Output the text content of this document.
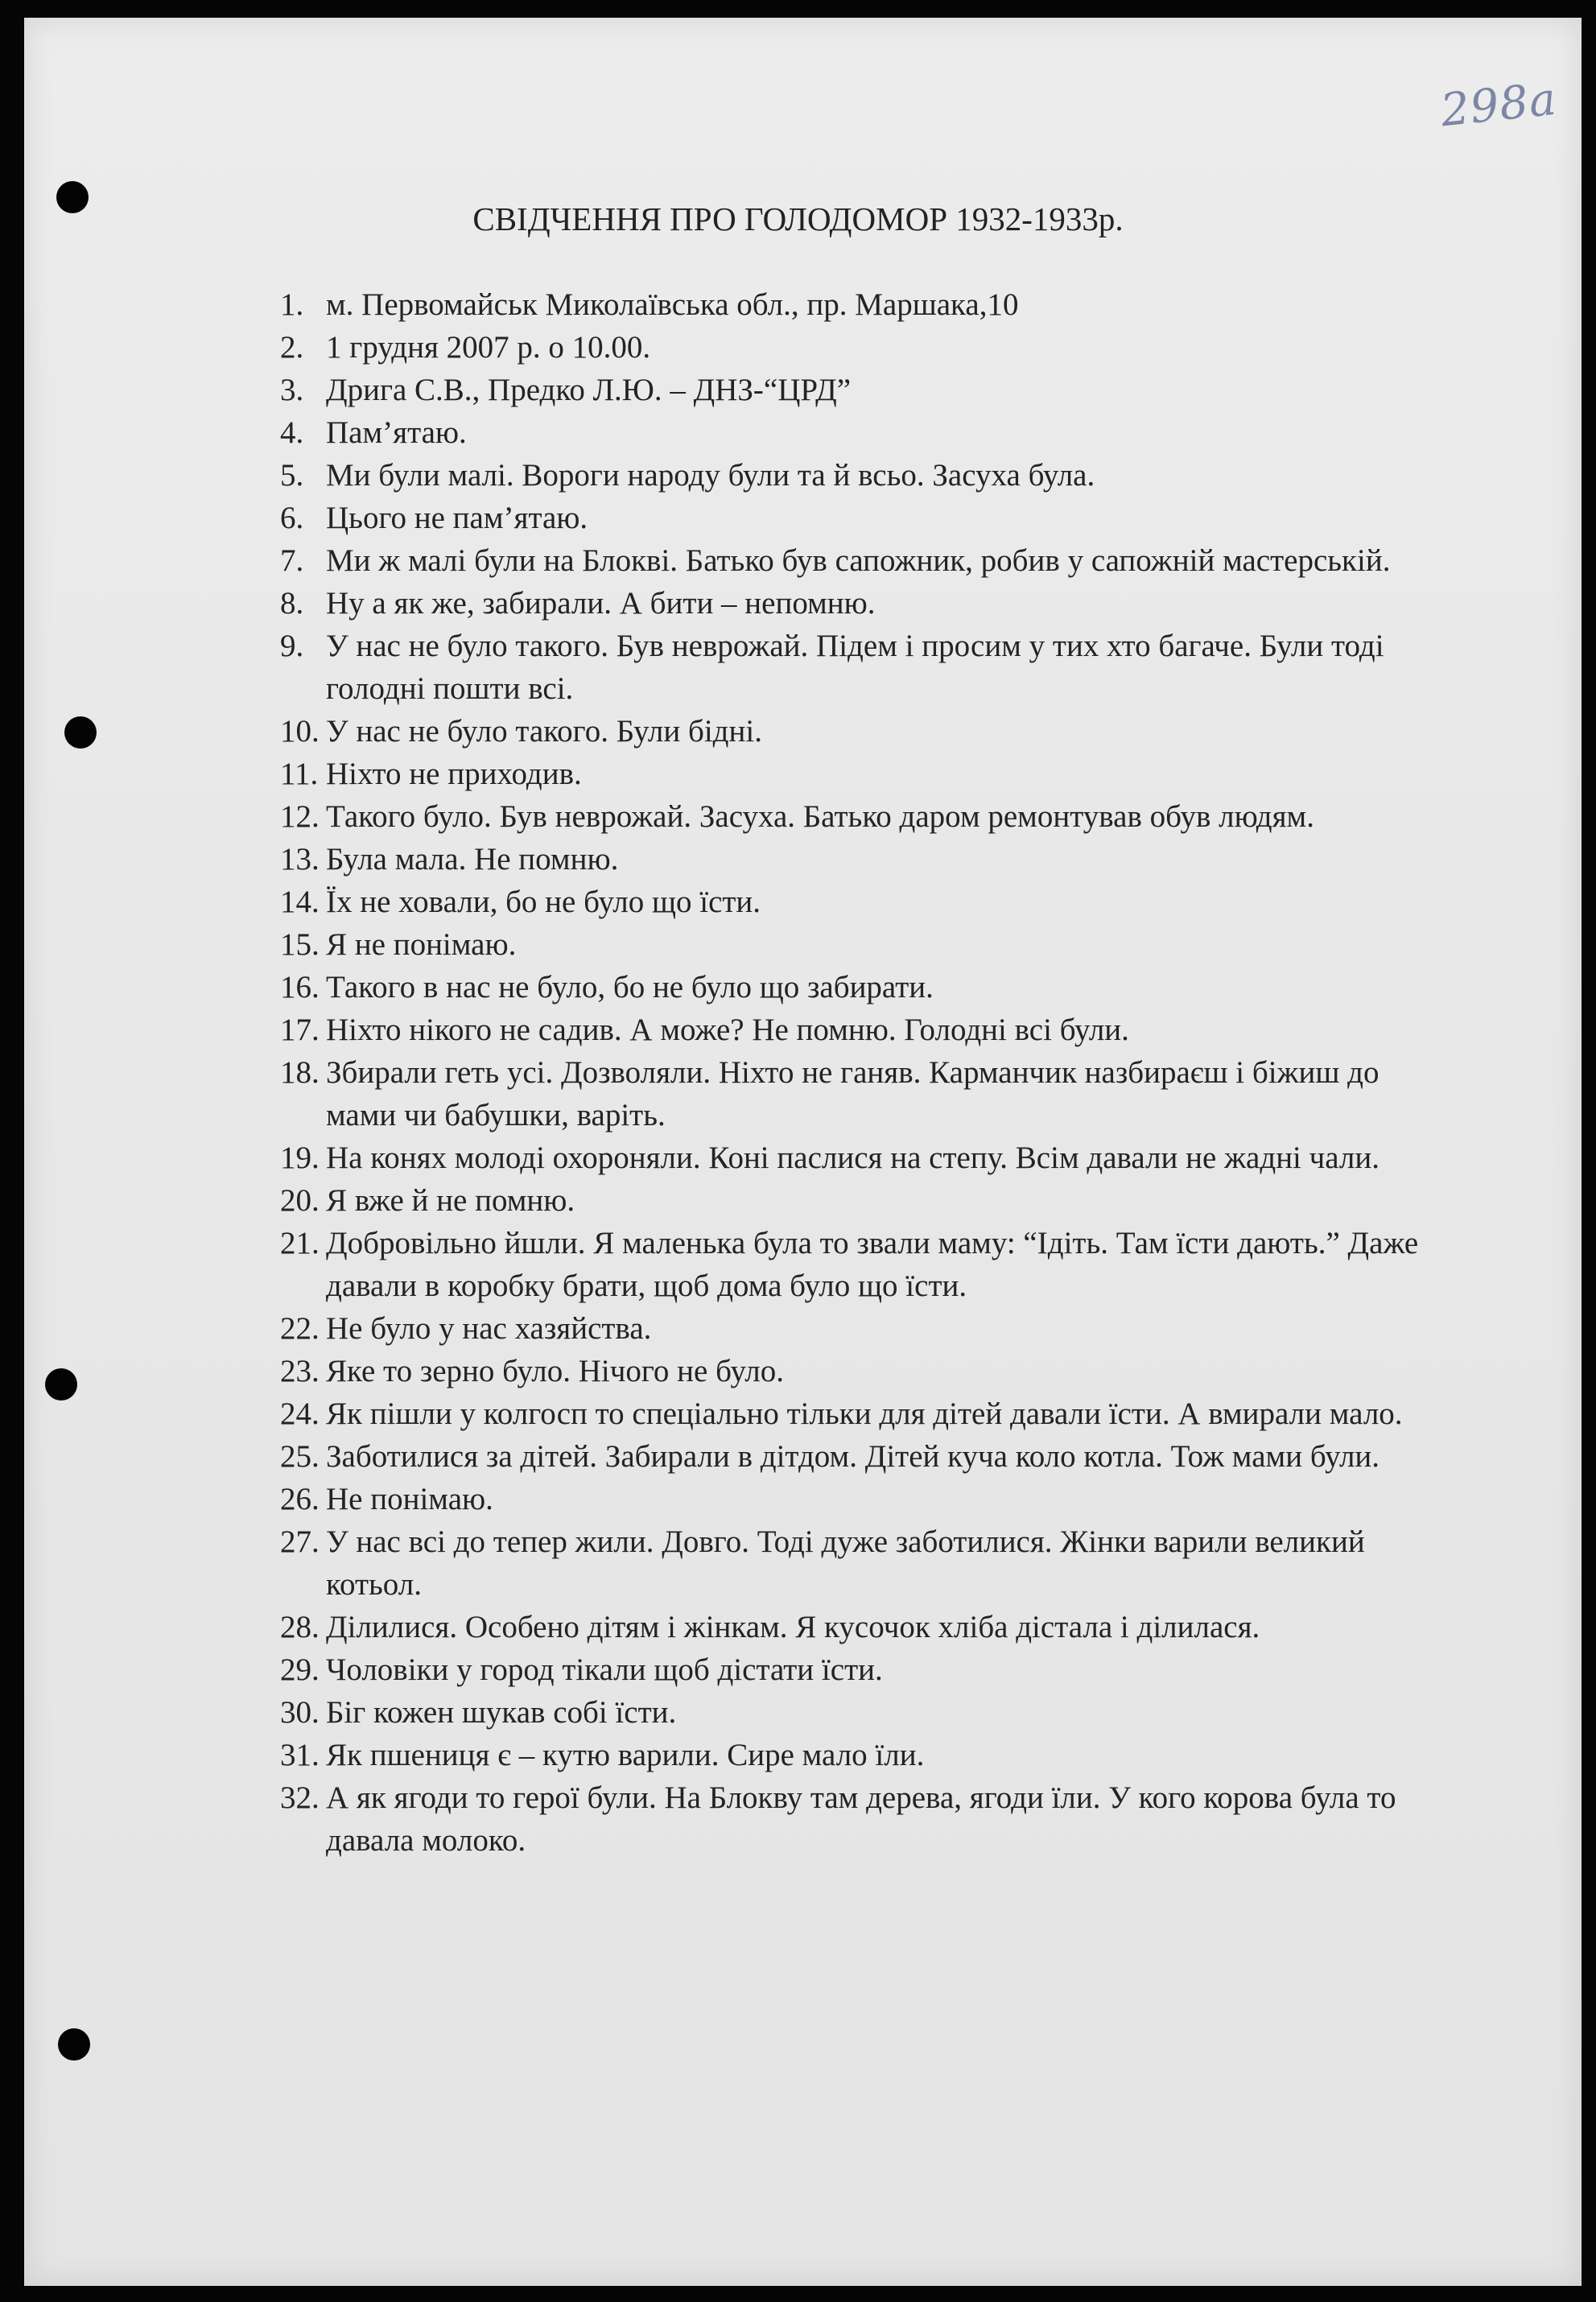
298а
СВІДЧЕННЯ ПРО ГОЛОДОМОР 1932-1933р.
1. м. Первомайськ Миколаївська обл., пр. Маршака,10
2. 1 грудня 2007 р. о 10.00.
3. Дрига С.В., Предко Л.Ю. – ДНЗ-“ЦРД”
4. Пам’ятаю.
5. Ми були малі. Вороги народу були та й всьо. Засуха була.
6. Цього не пам’ятаю.
7. Ми ж малі були на Блокві. Батько був сапожник, робив у сапожній мастерській.
8. Ну а як же, забирали. А бити – непомню.
9. У нас не було такого. Був неврожай. Підем і просим у тих хто багаче. Були тоді голодні пошти всі.
10. У нас не було такого. Були бідні.
11. Ніхто не приходив.
12. Такого було. Був неврожай. Засуха. Батько даром ремонтував обув людям.
13. Була мала. Не помню.
14. Їх не ховали, бо не було що їсти.
15. Я не понімаю.
16. Такого в нас не було, бо не було що забирати.
17. Ніхто нікого не садив. А може? Не помню. Голодні всі були.
18. Збирали геть усі. Дозволяли. Ніхто не ганяв. Карманчик назбираєш і біжиш до мами чи бабушки, варіть.
19. На конях молоді охороняли. Коні паслися на степу. Всім давали не жадні чали.
20. Я вже й не помню.
21. Добровільно йшли. Я маленька була то звали маму: “Ідіть. Там їсти дають.” Даже давали в коробку брати, щоб дома було що їсти.
22. Не було у нас хазяйства.
23. Яке то зерно було. Нічого не було.
24. Як пішли у колгосп то спеціально тільки для дітей давали їсти. А вмирали мало.
25. Заботилися за дітей. Забирали в дітдом. Дітей куча коло котла. Тож мами були.
26. Не понімаю.
27. У нас всі до тепер жили. Довго. Тоді дуже заботилися. Жінки варили великий котьол.
28. Ділилися. Особено дітям і жінкам. Я кусочок хліба дістала і ділилася.
29. Чоловіки у город тікали щоб дістати їсти.
30. Біг кожен шукав собі їсти.
31. Як пшениця є – кутю варили. Сире мало їли.
32. А як ягоди то герої були. На Блокву там дерева, ягоди їли. У кого корова була то давала молоко.
